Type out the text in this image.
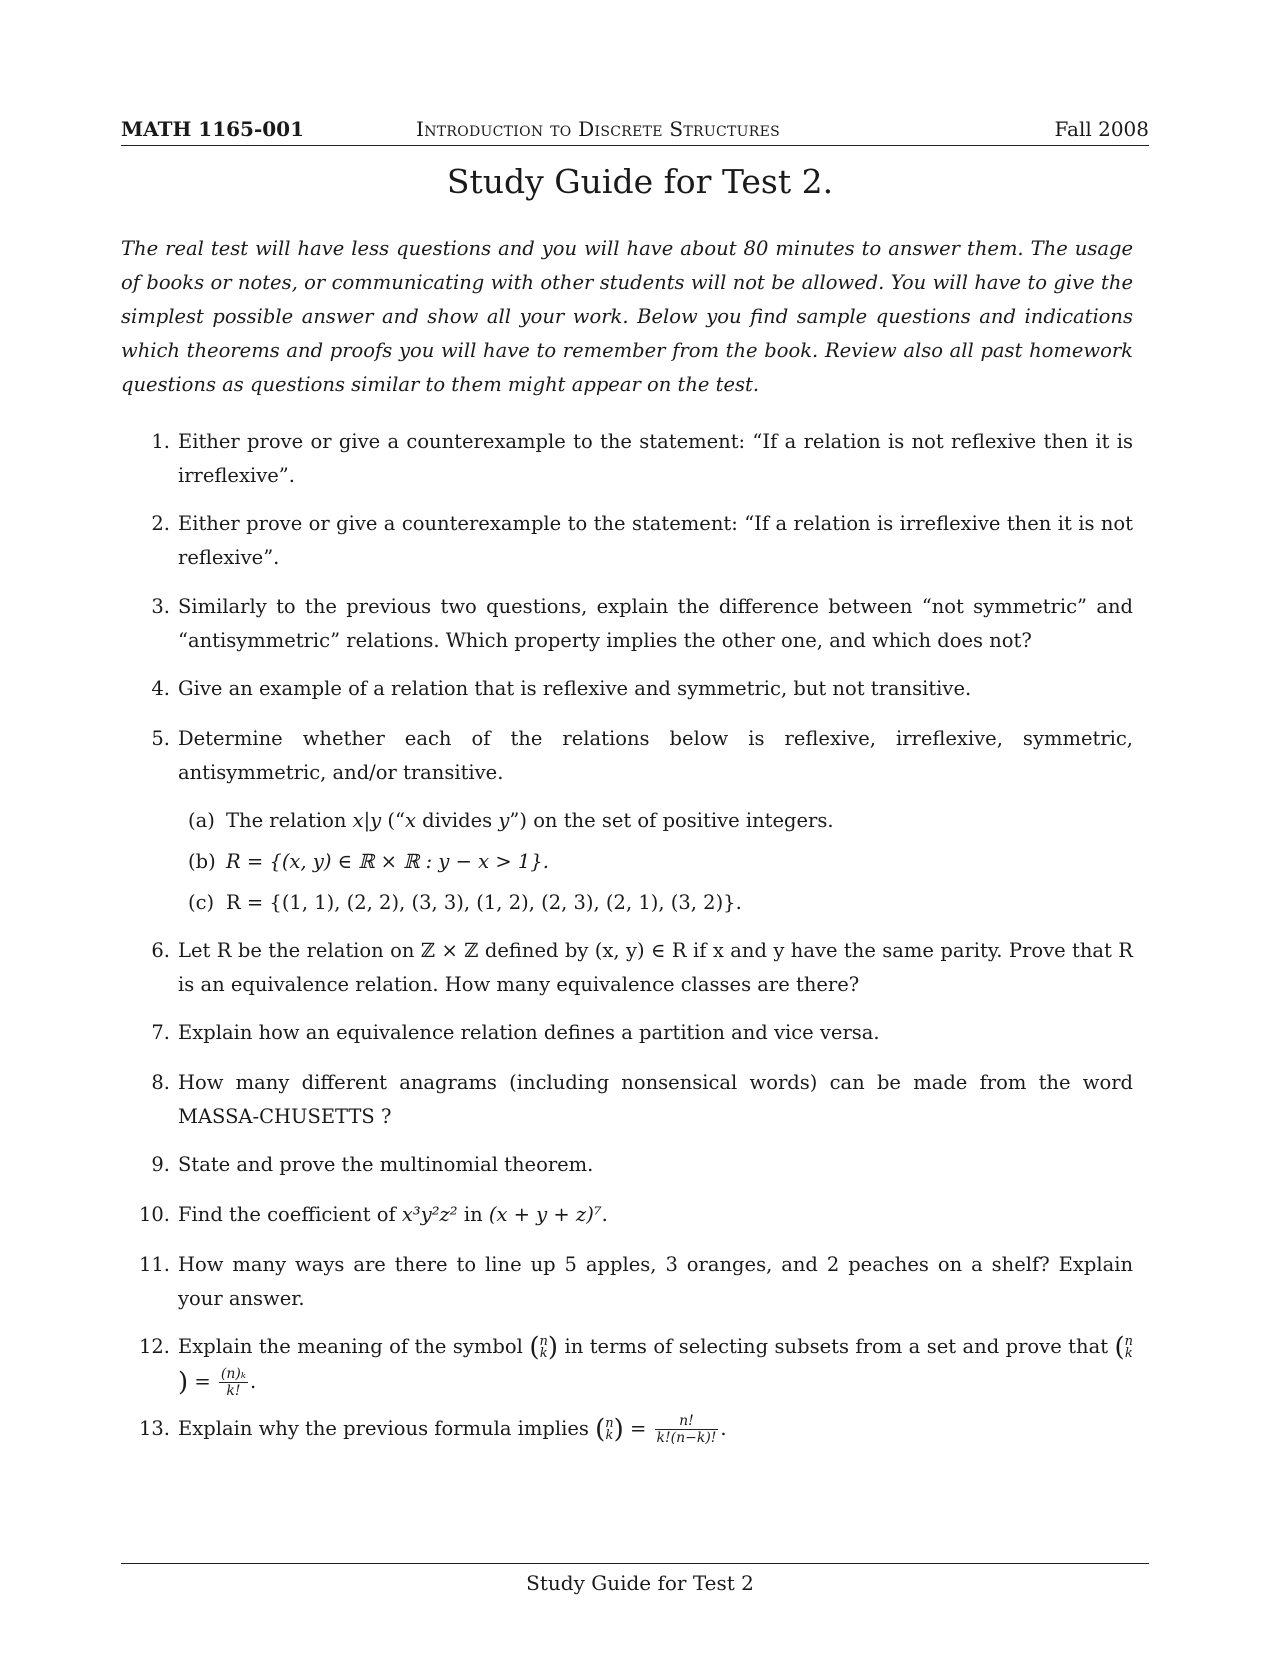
MATH 1165-001	Introduction to Discrete Structures	Fall 2008
Study Guide for Test 2.

The real test will have less questions and you will have about 80 minutes to answer them. The usage of books or notes, or communicating with other students will not be allowed. You will have to give the simplest possible answer and show all your work. Below you find sample questions and indications which theorems and proofs you will have to remember from the book. Review also all past homework questions as questions similar to them might appear on the test.

1. Either prove or give a counterexample to the statement: “If a relation is not reflexive then it is irreflexive”.

2. Either prove or give a counterexample to the statement: “If a relation is irreflexive then it is not reflexive”.

3. Similarly to the previous two questions, explain the difference between “not symmetric” and “antisymmetric” relations. Which property implies the other one, and which does not?

4. Give an example of a relation that is reflexive and symmetric, but not transitive.

5. Determine whether each of the relations below is reflexive, irreflexive, symmetric, antisymmetric, and/or transitive.

(a) The relation x|y (“x divides y”) on the set of positive integers.

(b) R = {(x, y) ∈ ℝ × ℝ : y − x > 1}.

(c) R = {(1, 1), (2, 2), (3, 3), (1, 2), (2, 3), (2, 1), (3, 2)}.

6. Let R be the relation on ℤ × ℤ defined by (x, y) ∈ R if x and y have the same parity. Prove that R is an equivalence relation. How many equivalence classes are there?

7. Explain how an equivalence relation defines a partition and vice versa.

8. How many different anagrams (including nonsensical words) can be made from the word MASSA-CHUSETTS ?

9. State and prove the multinomial theorem.

10. Find the coefficient of x³y²z² in (x + y + z)⁷.

11. How many ways are there to line up 5 apples, 3 oranges, and 2 peaches on a shelf? Explain your answer.

12. Explain the meaning of the symbol ( n
k ) in terms of selecting subsets from a set and prove that ( n
k
) = $\frac{\text{(n)ₖ}}{k!}$ .

13. Explain why the previous formula implies ( n
k ) = $\frac{n!}{k!(n-k)!}$ .

Study Guide for Test 2
